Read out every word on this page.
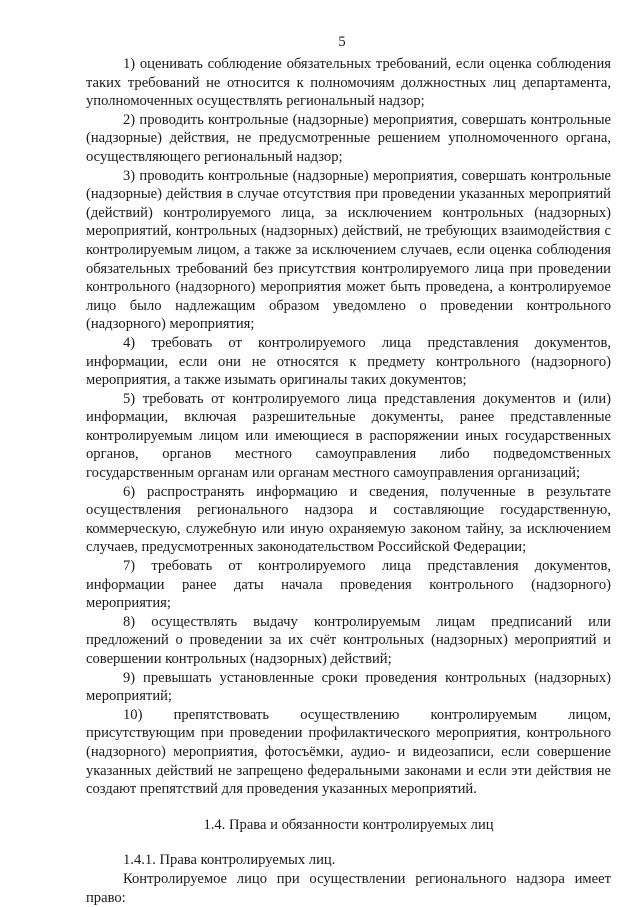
5

1) оценивать соблюдение обязательных требований, если оценка соблюдения таких требований не относится к полномочиям должностных лиц департамента, уполномоченных осуществлять региональный надзор;

2) проводить контрольные (надзорные) мероприятия, совершать контрольные (надзорные) действия, не предусмотренные решением уполномоченного органа, осуществляющего региональный надзор;

3) проводить контрольные (надзорные) мероприятия, совершать контрольные (надзорные) действия в случае отсутствия при проведении указанных мероприятий (действий) контролируемого лица, за исключением контрольных (надзорных) мероприятий, контрольных (надзорных) действий, не требующих взаимодействия с контролируемым лицом, а также за исключением случаев, если оценка соблюдения обязательных требований без присутствия контролируемого лица при проведении контрольного (надзорного) мероприятия может быть проведена, а контролируемое лицо было надлежащим образом уведомлено о проведении контрольного (надзорного) мероприятия;

4) требовать от контролируемого лица представления документов, информации, если они не относятся к предмету контрольного (надзорного) мероприятия, а также изымать оригиналы таких документов;

5) требовать от контролируемого лица представления документов и (или) информации, включая разрешительные документы, ранее представленные контролируемым лицом или имеющиеся в распоряжении иных государственных органов, органов местного самоуправления либо подведомственных государственным органам или органам местного самоуправления организаций;

6) распространять информацию и сведения, полученные в результате осуществления регионального надзора и составляющие государственную, коммерческую, служебную или иную охраняемую законом тайну, за исключением случаев, предусмотренных законодательством Российской Федерации;

7) требовать от контролируемого лица представления документов, информации ранее даты начала проведения контрольного (надзорного) мероприятия;

8) осуществлять выдачу контролируемым лицам предписаний или предложений о проведении за их счёт контрольных (надзорных) мероприятий и совершении контрольных (надзорных) действий;

9) превышать установленные сроки проведения контрольных (надзорных) мероприятий;

10) препятствовать осуществлению контролируемым лицом, присутствующим при проведении профилактического мероприятия, контрольного (надзорного) мероприятия, фотосъёмки, аудио- и видеозаписи, если совершение указанных действий не запрещено федеральными законами и если эти действия не создают препятствий для проведения указанных мероприятий.

1.4. Права и обязанности контролируемых лиц

1.4.1. Права контролируемых лиц.

Контролируемое лицо при осуществлении регионального надзора имеет право:
